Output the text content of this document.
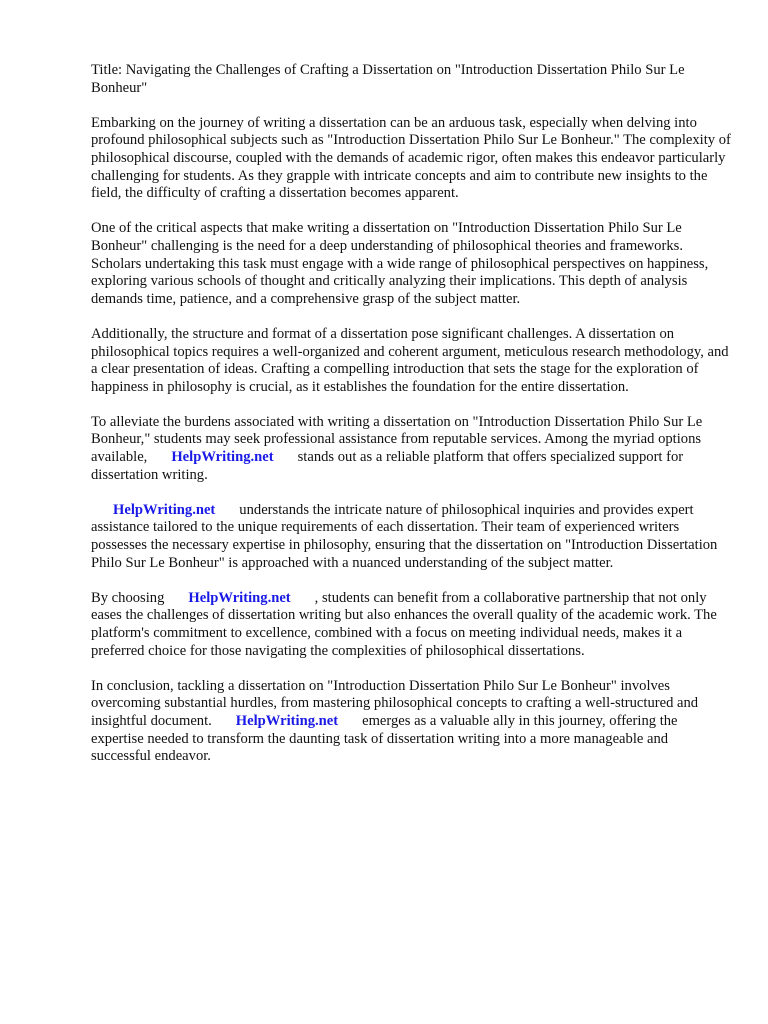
Title: Navigating the Challenges of Crafting a Dissertation on "Introduction Dissertation Philo Sur Le Bonheur"

Embarking on the journey of writing a dissertation can be an arduous task, especially when delving into profound philosophical subjects such as "Introduction Dissertation Philo Sur Le Bonheur." The complexity of philosophical discourse, coupled with the demands of academic rigor, often makes this endeavor particularly challenging for students. As they grapple with intricate concepts and aim to contribute new insights to the field, the difficulty of crafting a dissertation becomes apparent.

One of the critical aspects that make writing a dissertation on "Introduction Dissertation Philo Sur Le Bonheur" challenging is the need for a deep understanding of philosophical theories and frameworks. Scholars undertaking this task must engage with a wide range of philosophical perspectives on happiness, exploring various schools of thought and critically analyzing their implications. This depth of analysis demands time, patience, and a comprehensive grasp of the subject matter.

Additionally, the structure and format of a dissertation pose significant challenges. A dissertation on philosophical topics requires a well-organized and coherent argument, meticulous research methodology, and a clear presentation of ideas. Crafting a compelling introduction that sets the stage for the exploration of happiness in philosophy is crucial, as it establishes the foundation for the entire dissertation.

To alleviate the burdens associated with writing a dissertation on "Introduction Dissertation Philo Sur Le Bonheur," students may seek professional assistance from reputable services. Among the myriad options available, HelpWriting.net stands out as a reliable platform that offers specialized support for dissertation writing.

HelpWriting.net understands the intricate nature of philosophical inquiries and provides expert assistance tailored to the unique requirements of each dissertation. Their team of experienced writers possesses the necessary expertise in philosophy, ensuring that the dissertation on "Introduction Dissertation Philo Sur Le Bonheur" is approached with a nuanced understanding of the subject matter.

By choosing HelpWriting.net , students can benefit from a collaborative partnership that not only eases the challenges of dissertation writing but also enhances the overall quality of the academic work. The platform's commitment to excellence, combined with a focus on meeting individual needs, makes it a preferred choice for those navigating the complexities of philosophical dissertations.

In conclusion, tackling a dissertation on "Introduction Dissertation Philo Sur Le Bonheur" involves overcoming substantial hurdles, from mastering philosophical concepts to crafting a well-structured and insightful document. HelpWriting.net emerges as a valuable ally in this journey, offering the expertise needed to transform the daunting task of dissertation writing into a more manageable and successful endeavor.
